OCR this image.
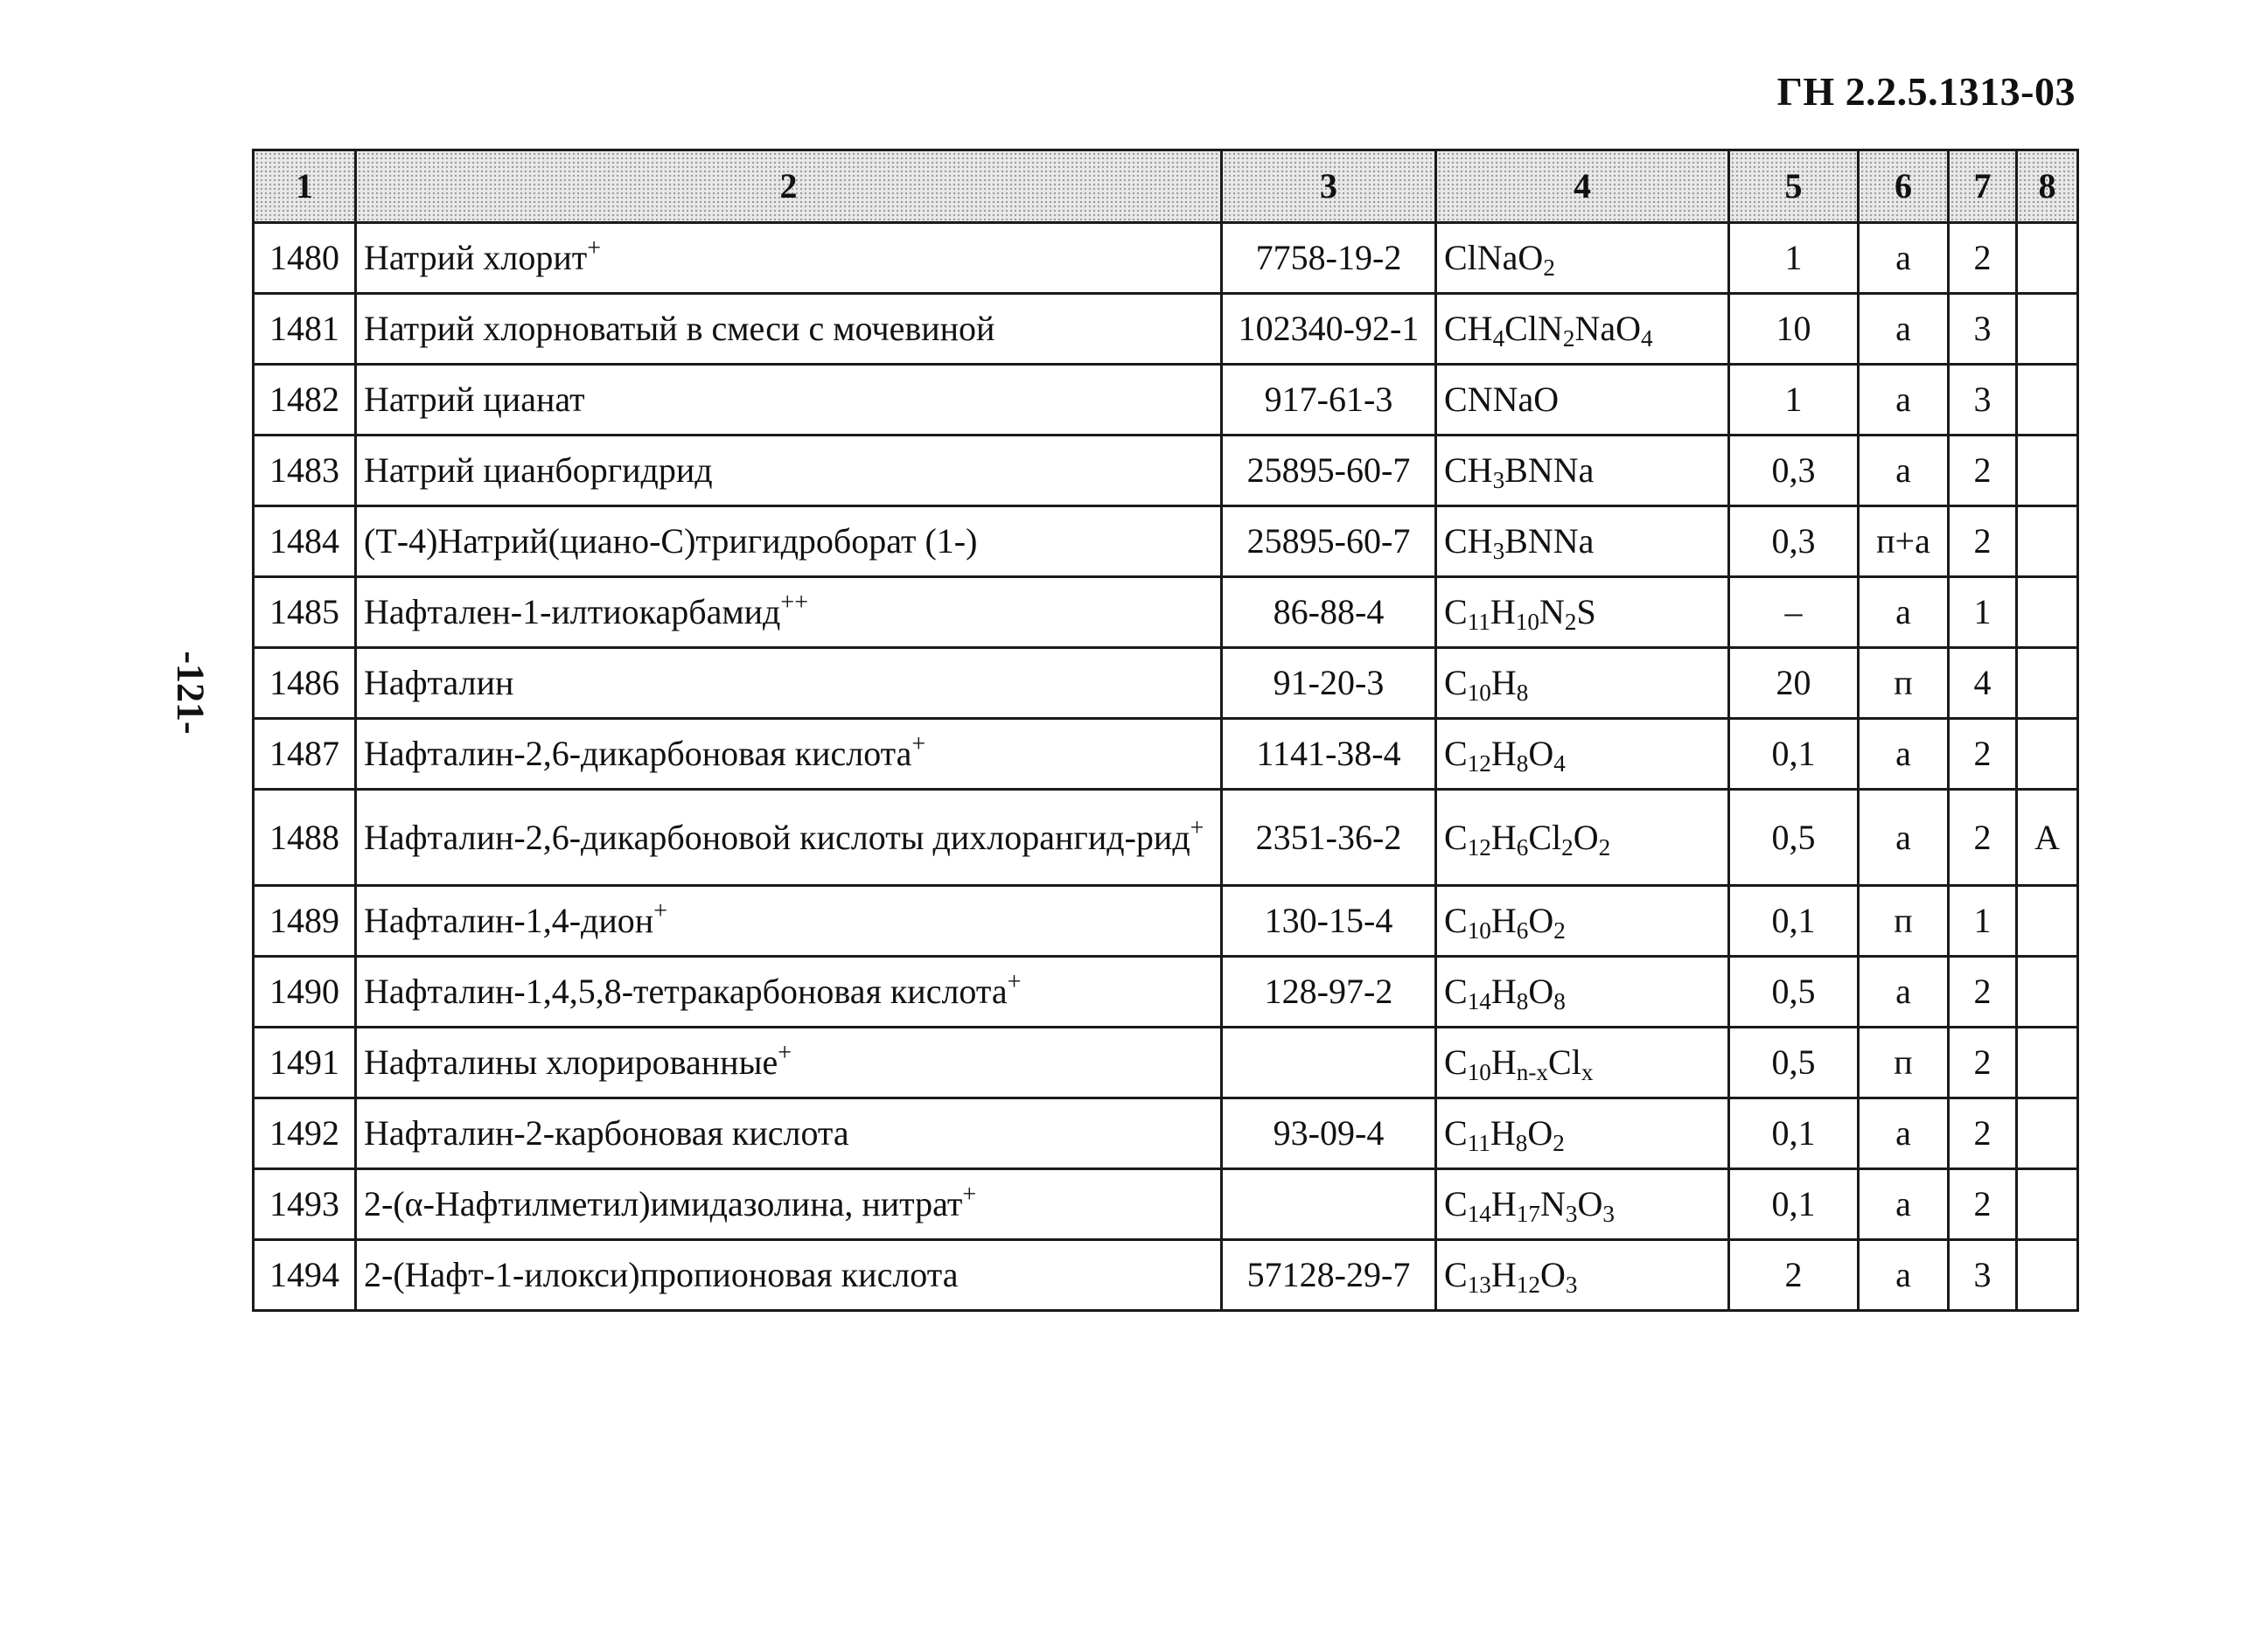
ГН 2.2.5.1313-03
-121-
1	2	3	4	5	6	7	8
1480	Натрий хлорит+	7758-19-2	ClNaO$_2$	1	а	2	
1481	Натрий хлорноватый в смеси с мочевиной	102340-92-1	$CH_4ClN_2NaO_4$	10	а	3	
1482	Натрий цианат	917-61-3	CNNaO	1	а	3	
1483	Натрий цианборгидрид	25895-60-7	$CH_3BNNa$	0,3	а	2	
1484	(Т-4)Натрий(циано-С)тригидроборат (1-)	25895-60-7	$CH_3BNNa$	0,3	п+а	2	
1485	Нафтален-1-илтиокарбамид++	86-88-4	$C_{11}H_{10}N_2S$	–	а	1	
1486	Нафталин	91-20-3	$C_{10}H_8$	20	п	4	
1487	Нафталин-2,6-дикарбоновая кислота+	1141-38-4	$C_{12}H_8O_4$	0,1	а	2	
1488	Нафталин-2,6-дикарбоновой кислоты дихлорангид-рид+	2351-36-2	$C_{12}H_6Cl_2O_2$	0,5	а	2	А
1489	Нафталин-1,4-дион+	130-15-4	$C_{10}H_6O_2$	0,1	п	1	
1490	Нафталин-1,4,5,8-тетракарбоновая кислота+	128-97-2	$C_{14}H_8O_8$	0,5	а	2	
1491	Нафталины хлорированные+		$C_{10}H_{n-x}Cl_x$	0,5	п	2	
1492	Нафталин-2-карбоновая кислота	93-09-4	$C_{11}H_8O_2$	0,1	а	2	
1493	2-(α-Нафтилметил)имидазолина, нитрат+		$C_{14}H_{17}N_3O_3$	0,1	а	2	
1494	2-(Нафт-1-илокси)пропионовая кислота	57128-29-7	$C_{13}H_{12}O_3$	2	а	3	
